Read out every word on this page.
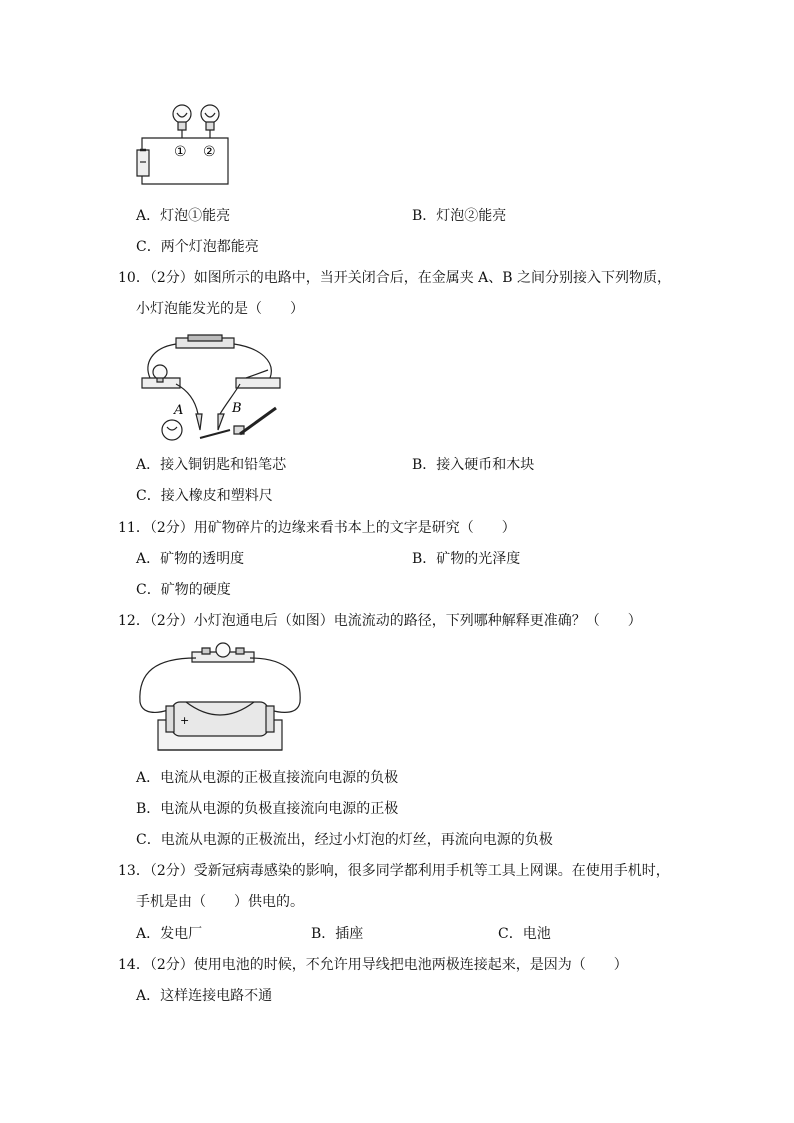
① ②
A．灯泡①能亮	B．灯泡②能亮
C．两个灯泡都能亮
10．（2分）如图所示的电路中，当开关闭合后，在金属夹 A、B 之间分别接入下列物质，
小灯泡能发光的是（　　）
A	B
A．接入铜钥匙和铅笔芯	B．接入硬币和木块
C．接入橡皮和塑料尺
11．（2分）用矿物碎片的边缘来看书本上的文字是研究（　　）
A．矿物的透明度	B．矿物的光泽度
C．矿物的硬度
12．（2分）小灯泡通电后（如图）电流流动的路径，下列哪种解释更准确？（　　）
+
A．电流从电源的正极直接流向电源的负极
B．电流从电源的负极直接流向电源的正极
C．电流从电源的正极流出，经过小灯泡的灯丝，再流向电源的负极
13．（2分）受新冠病毒感染的影响，很多同学都利用手机等工具上网课。在使用手机时，
手机是由（　　）供电的。
A．发电厂	B．插座	C．电池
14．（2分）使用电池的时候，不允许用导线把电池两极连接起来，是因为（　　）
A．这样连接电路不通
